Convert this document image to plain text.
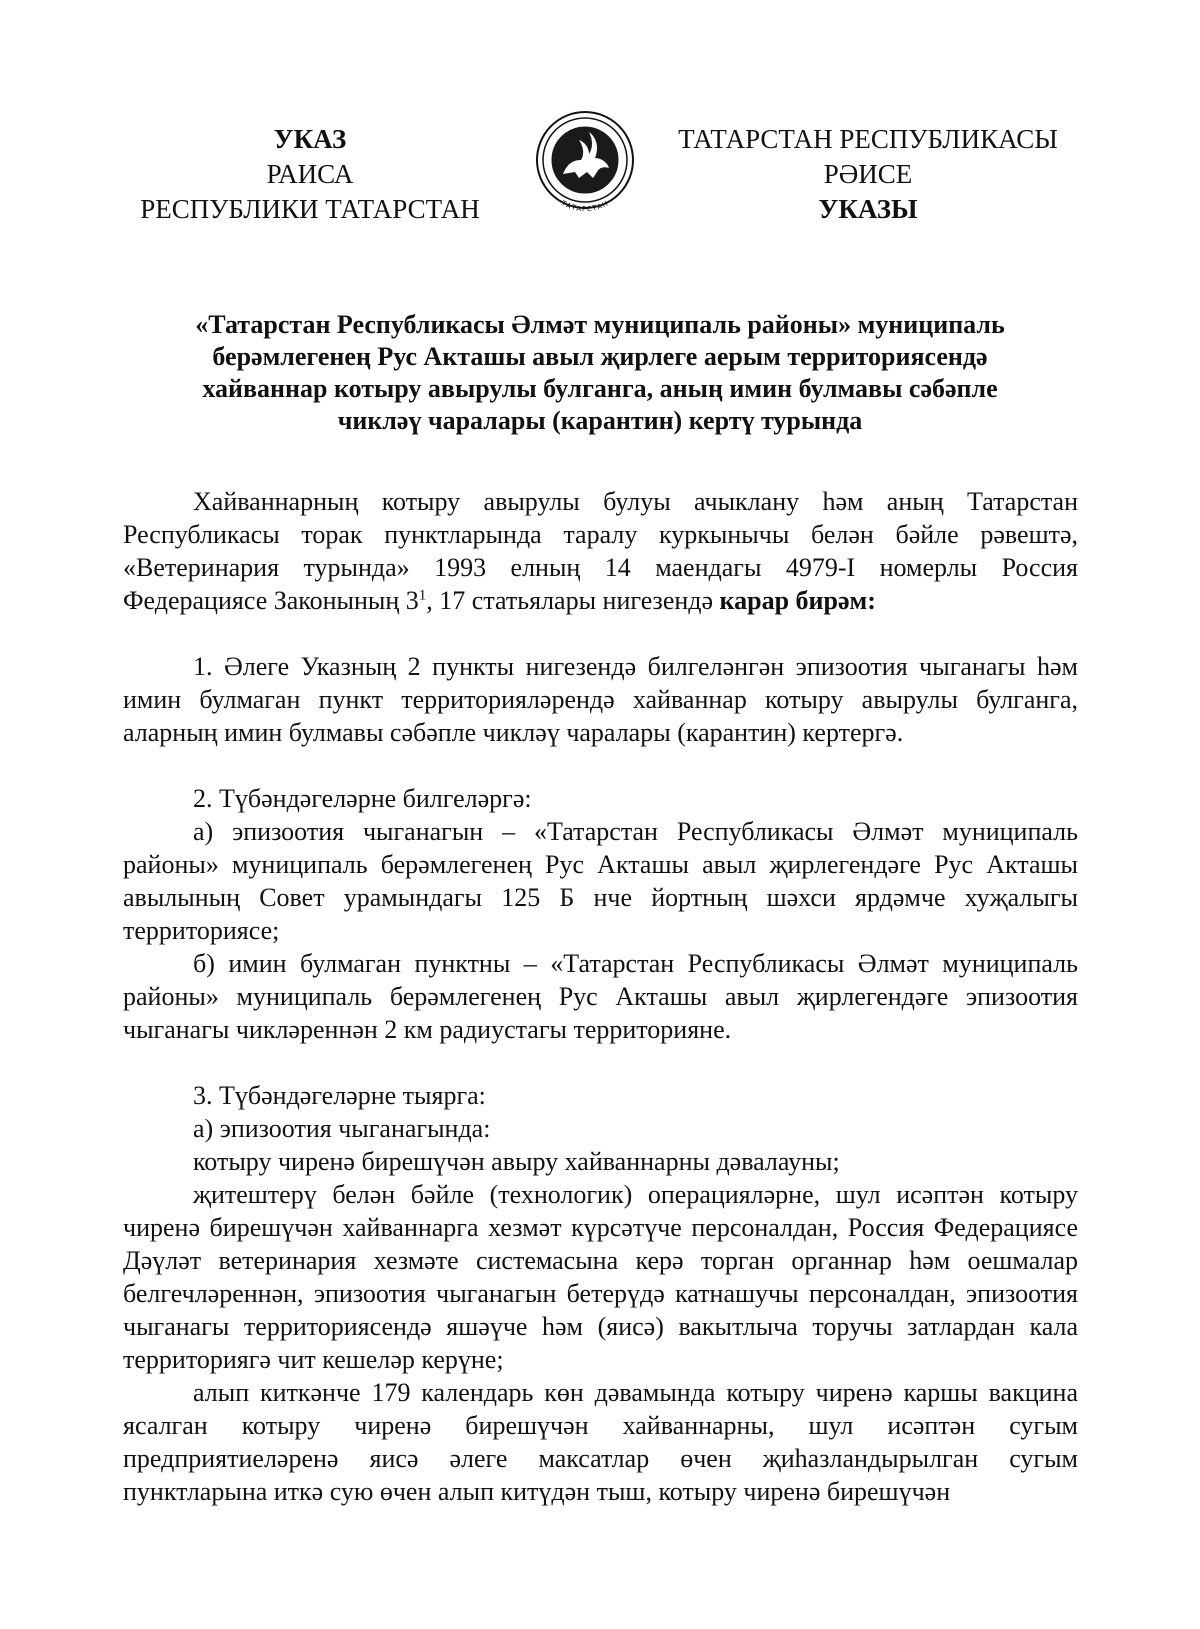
УКАЗ
РАИСА
РЕСПУБЛИКИ ТАТАРСТАН	ТАТАРСТАН
ТАТАРСТАН РЕСПУБЛИКАСЫ
РӘИСЕ
УКАЗЫ
«Татарстан Республикасы Әлмәт муниципаль районы» муниципаль
берәмлегенең Рус Акташы авыл җирлеге аерым территориясендә
хайваннар котыру авырулы булганга, аның имин булмавы сәбәпле
чикләү чаралары (карантин) кертү турында

Хайваннарның котыру авырулы булуы ачыклану һәм аның Татарстан Республикасы торак пунктларында таралу куркынычы белән бәйле рәвештә, «Ветеринария турында» 1993 елның 14 маендагы 4979-I номерлы Россия Федерациясе Законының $3^1$, 17 статьялары нигезендә карар бирәм:

1. Әлеге Указның 2 пункты нигезендә билгеләнгән эпизоотия чыганагы һәм имин булмаган пункт территорияләрендә хайваннар котыру авырулы булганга, аларның имин булмавы сәбәпле чикләү чаралары (карантин) кертергә.

2. Түбәндәгеләрне билгеләргә:

а) эпизоотия чыганагын – «Татарстан Республикасы Әлмәт муниципаль районы» муниципаль берәмлегенең Рус Акташы авыл җирлегендәге Рус Акташы авылының Совет урамындагы 125 Б нче йортның шәхси ярдәмче хуҗалыгы территориясе;

б) имин булмаган пунктны – «Татарстан Республикасы Әлмәт муниципаль районы» муниципаль берәмлегенең Рус Акташы авыл җирлегендәге эпизоотия чыганагы чикләреннән 2 км радиустагы территорияне.

3. Түбәндәгеләрне тыярга:

а) эпизоотия чыганагында:

котыру чиренә бирешүчән авыру хайваннарны дәвалауны;

җитештерү белән бәйле (технологик) операцияләрне, шул исәптән котыру чиренә бирешүчән хайваннарга хезмәт күрсәтүче персоналдан, Россия Федерациясе Дәүләт ветеринария хезмәте системасына керә торган органнар һәм оешмалар белгечләреннән, эпизоотия чыганагын бетерүдә катнашучы персоналдан, эпизоотия чыганагы территориясендә яшәүче һәм (яисә) вакытлыча торучы затлардан кала территориягә чит кешеләр керүне;

алып киткәнче 179 календарь көн дәвамында котыру чиренә каршы вакцина ясалган котыру чиренә бирешүчән хайваннарны, шул исәптән сугым предприятиеләренә яисә әлеге максатлар өчен җиһазландырылган сугым пунктларына иткә сую өчен алып китүдән тыш, котыру чиренә бирешүчән
